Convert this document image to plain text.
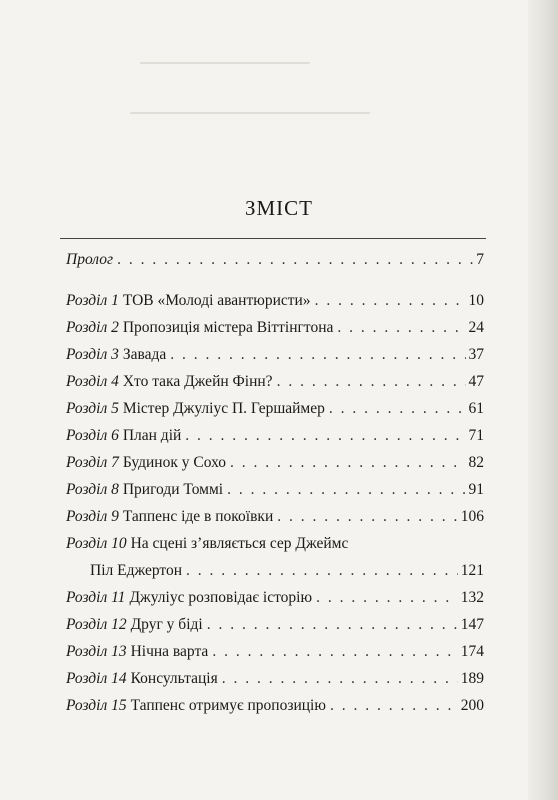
ЗМІСТ
Пролог . . .	7
Розділ 1 ТОВ «Молоді авантюристи» . . .	10
Розділ 2 Пропозиція містера Віттінгтона . . .	24
Розділ 3 Завада . . .	37
Розділ 4 Хто така Джейн Фінн? . . .	47
Розділ 5 Містер Джуліус П. Гершаймер . . .	61
Розділ 6 План дій . . .	71
Розділ 7 Будинок у Сохо . . .	82
Розділ 8 Пригоди Томмі . . .	91
Розділ 9 Таппенс іде в покоївки . . .	106
Розділ 10 На сцені з’являється сер Джеймс
Піл Еджертон . . .	121
Розділ 11 Джуліус розповідає історію . . .	132
Розділ 12 Друг у біді . . .	147
Розділ 13 Нічна варта . . .	174
Розділ 14 Консультація . . .	189
Розділ 15 Таппенс отримує пропозицію . . .	200
